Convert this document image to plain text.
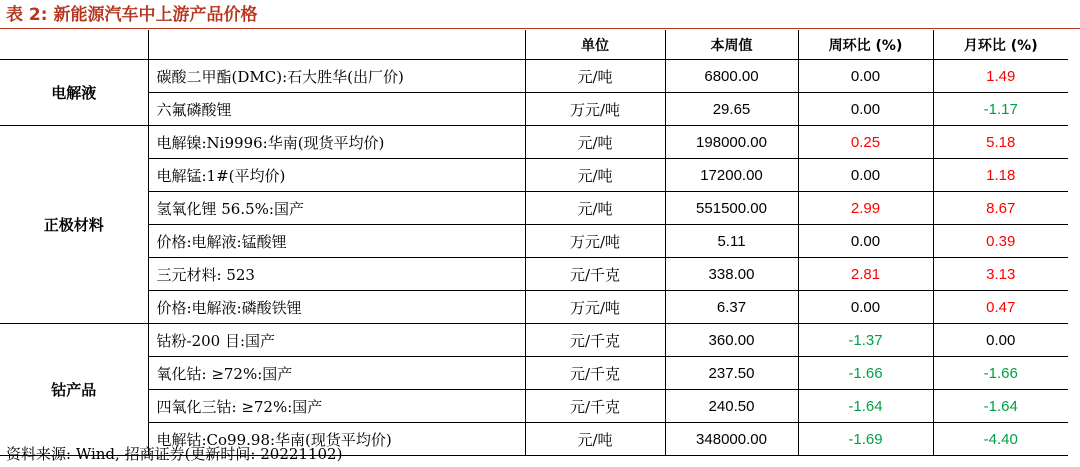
表 2: 新能源汽车中上游产品价格
		单位	本周值	周环比 (%)	月环比 (%)
电解液	碳酸二甲酯(DMC):石大胜华(出厂价)	元/吨	6800.00	0.00	1.49
	六氟磷酸锂	万元/吨	29.65	0.00	-1.17
正极材料	电解镍:Ni9996:华南(现货平均价)	元/吨	198000.00	0.25	5.18
	电解锰:1#(平均价)	元/吨	17200.00	0.00	1.18
	氢氧化锂 56.5%:国产	元/吨	551500.00	2.99	8.67
	价格:电解液:锰酸锂	万元/吨	5.11	0.00	0.39
	三元材料: 523	元/千克	338.00	2.81	3.13
	价格:电解液:磷酸铁锂	万元/吨	6.37	0.00	0.47
钴产品	钴粉-200 目:国产	元/千克	360.00	-1.37	0.00
	氧化钴: ≥72%:国产	元/千克	237.50	-1.66	-1.66
	四氧化三钴: ≥72%:国产	元/千克	240.50	-1.64	-1.64
	电解钴:Co99.98:华南(现货平均价)	元/吨	348000.00	-1.69	-4.40
资料来源: Wind, 招商证券(更新时间: 20221102)
